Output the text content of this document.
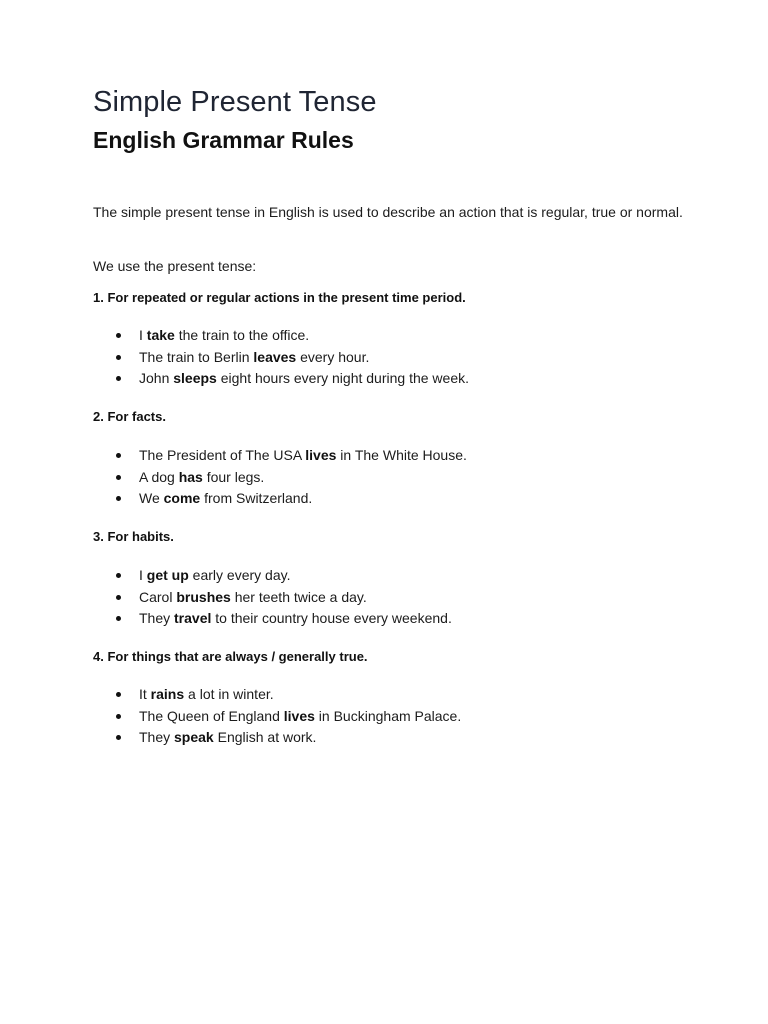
Simple Present Tense
English Grammar Rules

The simple present tense in English is used to describe an action that is regular, true or normal.

We use the present tense:

1. For repeated or regular actions in the present time period.

I take the train to the office.
The train to Berlin leaves every hour.
John sleeps eight hours every night during the week.

2. For facts.

The President of The USA lives in The White House.
A dog has four legs.
We come from Switzerland.

3. For habits.

I get up early every day.
Carol brushes her teeth twice a day.
They travel to their country house every weekend.

4. For things that are always / generally true.

It rains a lot in winter.
The Queen of England lives in Buckingham Palace.
They speak English at work.
